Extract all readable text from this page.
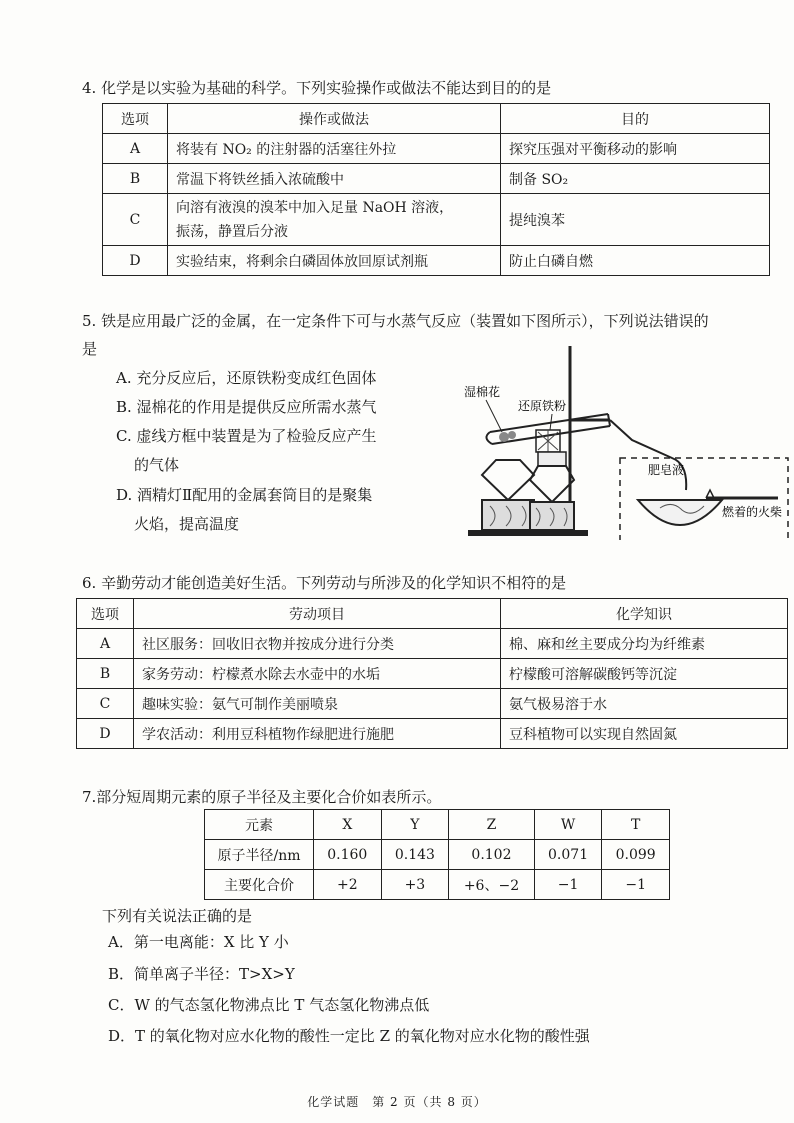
4. 化学是以实验为基础的科学。下列实验操作或做法不能达到目的的是
选项	操作或做法	目的
A	将装有 NO₂ 的注射器的活塞往外拉	探究压强对平衡移动的影响
B	常温下将铁丝插入浓硫酸中	制备 SO₂
C	向溶有液溴的溴苯中加入足量 NaOH 溶液，
振荡，静置后分液	提纯溴苯
D	实验结束，将剩余白磷固体放回原试剂瓶	防止白磷自燃
5. 铁是应用最广泛的金属，在一定条件下可与水蒸气反应（装置如下图所示），下列说法错误的
是
A. 充分反应后，还原铁粉变成红色固体
B. 湿棉花的作用是提供反应所需水蒸气
C. 虚线方框中装置是为了检验反应产生
的气体
D. 酒精灯Ⅱ配用的金属套筒目的是聚集
火焰，提高温度
湿棉花
还原铁粉
肥皂液
燃着的火柴
6. 辛勤劳动才能创造美好生活。下列劳动与所涉及的化学知识不相符的是
选项	劳动项目	化学知识
A	社区服务：回收旧衣物并按成分进行分类	棉、麻和丝主要成分均为纤维素
B	家务劳动：柠檬煮水除去水壶中的水垢	柠檬酸可溶解碳酸钙等沉淀
C	趣味实验：氨气可制作美丽喷泉	氨气极易溶于水
D	学农活动：利用豆科植物作绿肥进行施肥	豆科植物可以实现自然固氮
7.部分短周期元素的原子半径及主要化合价如表所示。
元素	X	Y	Z	W	T
原子半径/nm	0.160	0.143	0.102	0.071	0.099
主要化合价	+2	+3	+6、−2	−1	−1
下列有关说法正确的是
A．第一电离能：X 比 Y 小
B．简单离子半径：T>X>Y
C．W 的气态氢化物沸点比 T 气态氢化物沸点低
D．T 的氧化物对应水化物的酸性一定比 Z 的氧化物对应水化物的酸性强
化学试题　第 2 页（共 8 页）
